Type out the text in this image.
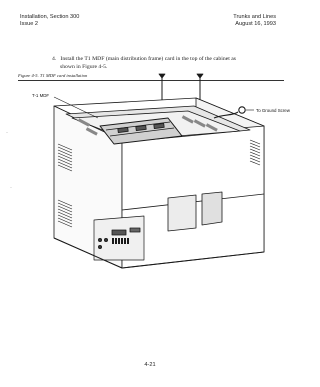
Installation, Section 300
Issue 2
Trunks and Lines
August 16, 1993
·
·
4. Install the T1 MDF (main distribution frame) card in the top of the cabinet as
shown in Figure 4-5.
Figure 4-5. T1 MDF card installation
T-1 MDF
To Ground Screw
4-21
